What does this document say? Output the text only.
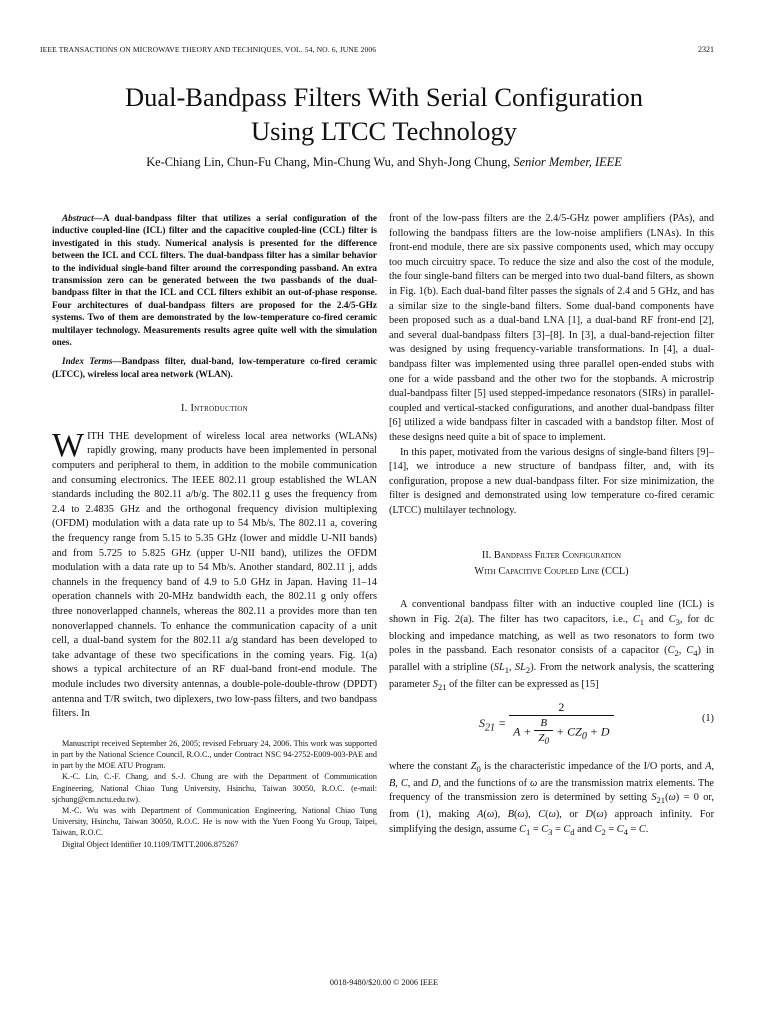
IEEE TRANSACTIONS ON MICROWAVE THEORY AND TECHNIQUES, VOL. 54, NO. 6, JUNE 2006	2321
Dual-Bandpass Filters With Serial Configuration
Using LTCC Technology
Ke-Chiang Lin, Chun-Fu Chang, Min-Chung Wu, and Shyh-Jong Chung, Senior Member, IEEE

Abstract—A dual-bandpass filter that utilizes a serial configuration of the inductive coupled-line (ICL) filter and the capacitive coupled-line (CCL) filter is investigated in this study. Numerical analysis is presented for the difference between the ICL and CCL filters. The dual-bandpass filter has a similar behavior to the individual single-band filter around the corresponding passband. An extra transmission zero can be generated between the two passbands of the dual-bandpass filter in that the ICL and CCL filters exhibit an out-of-phase response. Four architectures of dual-bandpass filters are proposed for the 2.4/5-GHz systems. Two of them are demonstrated by the low-temperature co-fired ceramic multilayer technology. Measurements results agree quite well with the simulation ones.

Index Terms—Bandpass filter, dual-band, low-temperature co-fired ceramic (LTCC), wireless local area network (WLAN).

I. Introduction

WITH THE development of wireless local area networks (WLANs) rapidly growing, many products have been implemented in personal computers and peripheral to them, in addition to the mobile communication and consuming electronics. The IEEE 802.11 group established the WLAN standards including the 802.11 a/b/g. The 802.11 g uses the frequency from 2.4 to 2.4835 GHz and the orthogonal frequency division multiplexing (OFDM) modulation with a data rate up to 54 Mb/s. The 802.11 a, covering the frequency range from 5.15 to 5.35 GHz (lower and middle U-NII bands) and from 5.725 to 5.825 GHz (upper U-NII band), utilizes the OFDM modulation with a data rate up to 54 Mb/s. Another standard, 802.11 j, adds channels in the frequency band of 4.9 to 5.0 GHz in Japan. Having 11–14 operation channels with 20-MHz bandwidth each, the 802.11 g only offers three nonoverlapped channels, whereas the 802.11 a provides more than ten nonoverlapped channels. To enhance the communication capacity of a unit cell, a dual-band system for the 802.11 a/g standard has been developed to take advantage of these two specifications in the coming years. Fig. 1(a) shows a typical architecture of an RF dual-band front-end module. The module includes two diversity antennas, a double-pole-double-throw (DPDT) antenna and T/R switch, two diplexers, two low-pass filters, and two bandpass filters. In

Manuscript received September 26, 2005; revised February 24, 2006. This work was supported in part by the National Science Council, R.O.C., under Contract NSC 94-2752-E009-003-PAE and in part by the MOE ATU Program.

K.-C. Lin, C.-F. Chang, and S.-J. Chung are with the Department of Communication Engineering, National Chiao Tung University, Hsinchu, Taiwan 30050, R.O.C. (e-mail: sjchung@cm.nctu.edu.tw).

M.-C. Wu was with Department of Communication Engineering, National Chiao Tung University, Hsinchu, Taiwan 30050, R.O.C. He is now with the Yuen Foong Yu Group, Taipei, Taiwan, R.O.C.

Digital Object Identifier 10.1109/TMTT.2006.875267

front of the low-pass filters are the 2.4/5-GHz power amplifiers (PAs), and following the bandpass filters are the low-noise amplifiers (LNAs). In this front-end module, there are six passive components used, which may occupy too much circuitry space. To reduce the size and also the cost of the module, the four single-band filters can be merged into two dual-band filters, as shown in Fig. 1(b). Each dual-band filter passes the signals of 2.4 and 5 GHz, and has a similar size to the single-band filters. Some dual-band components have been proposed such as a dual-band LNA [1], a dual-band RF front-end [2], and several dual-bandpass filters [3]–[8]. In [3], a dual-band-rejection filter was designed by using frequency-variable transformations. In [4], a dual-bandpass filter was implemented using three parallel open-ended stubs with one for a wide passband and the other two for the stopbands. A microstrip dual-bandpass filter [5] used stepped-impedance resonators (SIRs) in parallel-coupled and vertical-stacked configurations, and another dual-bandpass filter [6] utilized a wide bandpass filter in cascaded with a bandstop filter. Most of these designs need quite a bit of space to implement.

In this paper, motivated from the various designs of single-band filters [9]–[14], we introduce a new structure of bandpass filter, and, with its configuration, propose a new dual-bandpass filter. For size minimization, the filter is designed and demonstrated using low temperature co-fired ceramic (LTCC) multilayer technology.

II. Bandpass Filter Configuration
With Capacitive Coupled Line (CCL)

A conventional bandpass filter with an inductive coupled line (ICL) is shown in Fig. 2(a). The filter has two capacitors, i.e., $C_1$ and $C_3$, for dc blocking and impedance matching, as well as two resonators to form two poles in the passband. Each resonator consists of a capacitor ($C_2$, $C_4$) in parallel with a stripline ($SL_1$, $SL_2$). From the network analysis, the scattering parameter $S_{21}$ of the filter can be expressed as [15]

$S_{21} = \frac{2}{A + \frac{B}{Z_0} + CZ_0 + D}$	(1)

where the constant $Z_0$ is the characteristic impedance of the I/O ports, and A, B, C, and D, and the functions of ω are the transmission matrix elements. The frequency of the transmission zero is determined by setting $S_{21}(\omega) = 0$ or, from (1), making A(ω), B(ω), C(ω), or D(ω) approach infinity. For simplifying the design, assume $C_1 = C_3 = C_d$ and $C_2 = C_4 = C$.

0018-9480/$20.00 © 2006 IEEE
